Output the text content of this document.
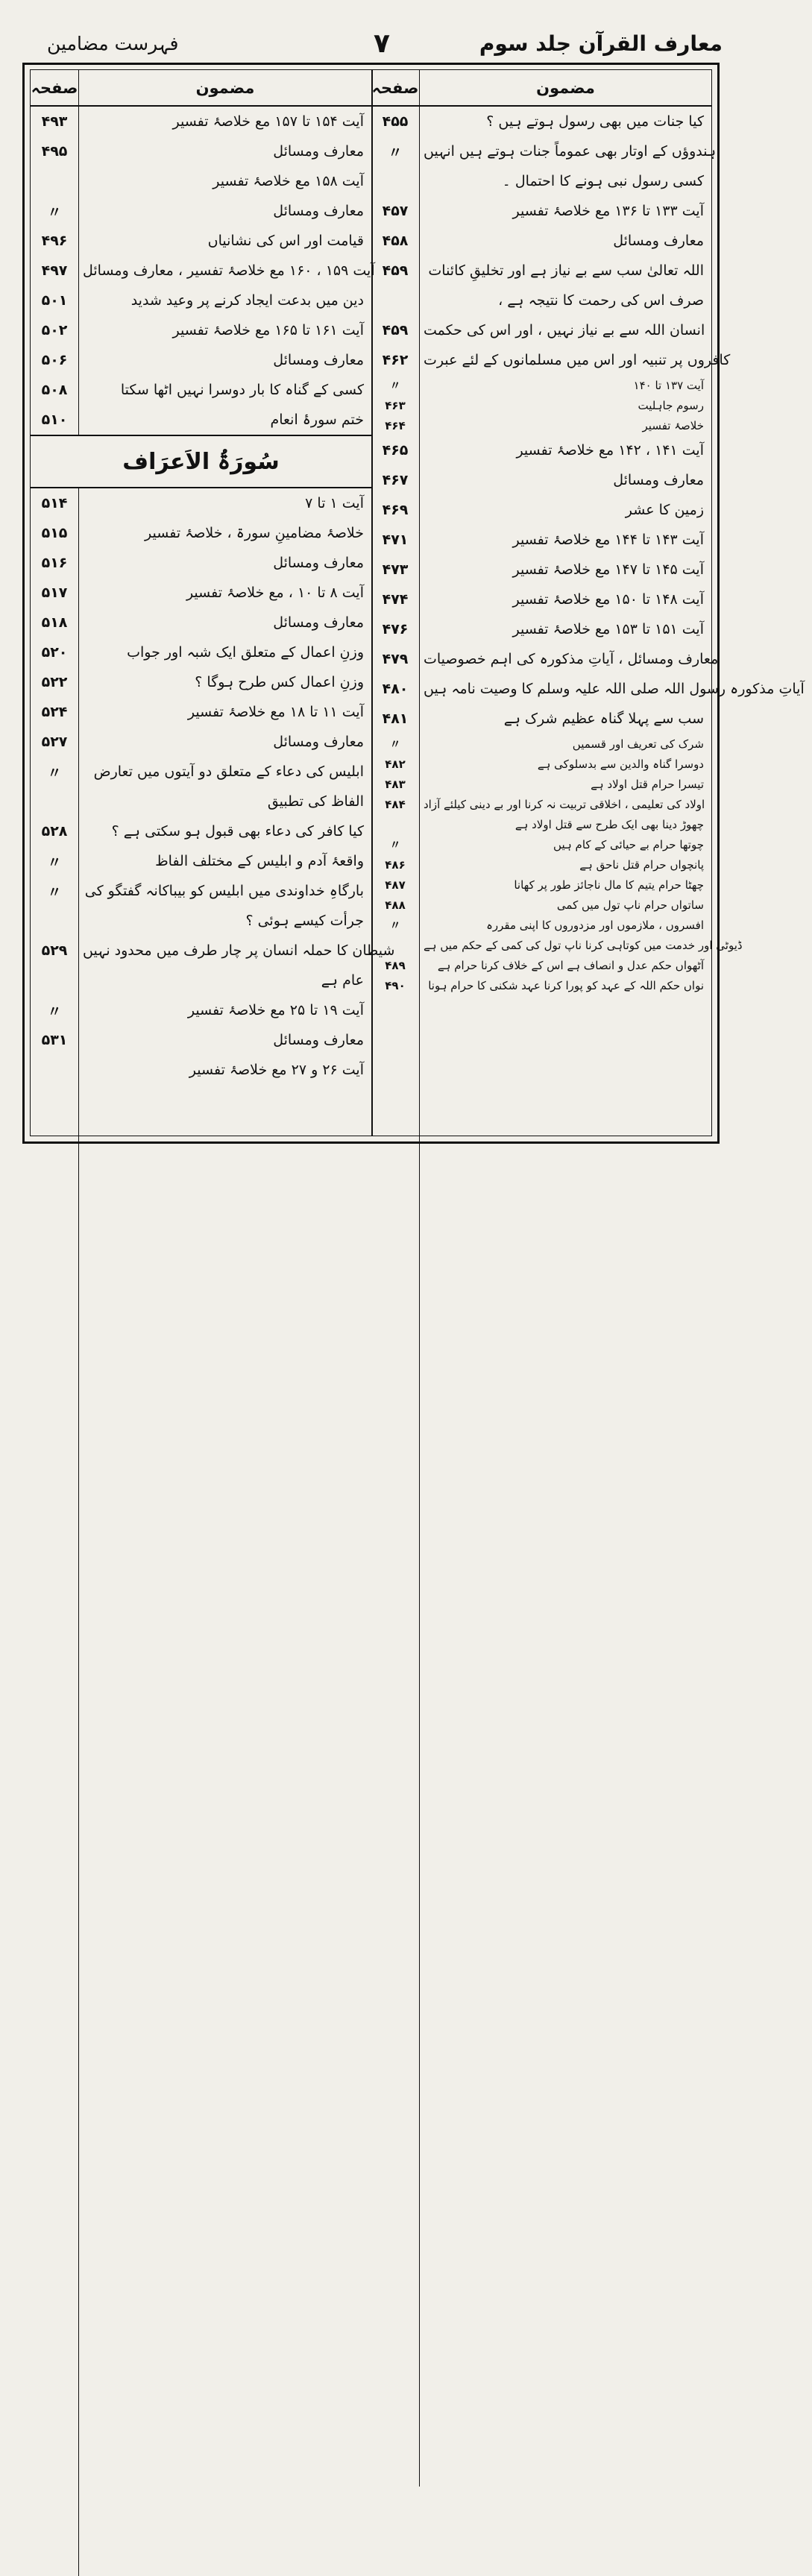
فہرست مضامین	۷	معارف القرآن جلد سوم
صفحہ	مضمون
۴۹۳	آیت ۱۵۴ تا ۱۵۷ مع خلاصۂ تفسیر
۴۹۵	معارف ومسائل
آیت ۱۵۸ مع خلاصۂ تفسیر
〃	معارف ومسائل
۴۹۶	قیامت اور اس کی نشانیاں
۴۹۷	آیت ۱۵۹ ، ۱۶۰ مع خلاصۂ تفسیر ، معارف ومسائل
۵۰۱	دین میں بدعت ایجاد کرنے پر وعید شدید
۵۰۲	آیت ۱۶۱ تا ۱۶۵ مع خلاصۂ تفسیر
۵۰۶	معارف ومسائل
۵۰۸	کسی کے گناہ کا بار دوسرا نہیں اٹھا سکتا
۵۱۰	ختم سورۂ انعام
سُورَۃُ الاَعرَاف
۵۱۴	آیت ۱ تا ۷
۵۱۵	خلاصۂ مضامینِ سورۃ ، خلاصۂ تفسیر
۵۱۶	معارف ومسائل
۵۱۷	آیت ۸ تا ۱۰ ، مع خلاصۂ تفسیر
۵۱۸	معارف ومسائل
۵۲۰	وزنِ اعمال کے متعلق ایک شبہ اور جواب
۵۲۲	وزنِ اعمال کس طرح ہوگا ؟
۵۲۴	آیت ۱۱ تا ۱۸ مع خلاصۂ تفسیر
۵۲۷	معارف ومسائل
〃	ابلیس کی دعاء کے متعلق دو آیتوں میں تعارض
الفاظ کی تطبیق
۵۲۸	کیا کافر کی دعاء بھی قبول ہو سکتی ہے ؟
〃	واقعۂ آدم و ابلیس کے مختلف الفاظ
〃	بارگاہِ خداوندی میں ابلیس کو بیباکانہ گفتگو کی
جرأت کیسے ہوئی ؟
۵۲۹	شیطان کا حملہ انسان پر چار طرف میں محدود نہیں
عام ہے
〃	آیت ۱۹ تا ۲۵ مع خلاصۂ تفسیر
۵۳۱	معارف ومسائل
آیت ۲۶ و ۲۷ مع خلاصۂ تفسیر
صفحہ	مضمون
۴۵۵	کیا جنات میں بھی رسول ہوتے ہیں ؟
〃	ہندوؤں کے اوتار بھی عموماً جنات ہوتے ہیں انہیں
کسی رسول نبی ہونے کا احتمال ۔
۴۵۷	آیت ۱۳۳ تا ۱۳۶ مع خلاصۂ تفسیر
۴۵۸	معارف ومسائل
۴۵۹	اللہ تعالیٰ سب سے بے نیاز ہے اور تخلیقِ کائنات
صرف اس کی رحمت کا نتیجہ ہے ،
۴۵۹	انسان اللہ سے بے نیاز نہیں ، اور اس کی حکمت
۴۶۲	کافروں پر تنبیہ اور اس میں مسلمانوں کے لئے عبرت
〃	آیت ۱۳۷ تا ۱۴۰
۴۶۳	رسوم جاہلیت
۴۶۴	خلاصۂ تفسیر
۴۶۵	آیت ۱۴۱ ، ۱۴۲ مع خلاصۂ تفسیر
۴۶۷	معارف ومسائل
۴۶۹	زمین کا عشر
۴۷۱	آیت ۱۴۳ تا ۱۴۴ مع خلاصۂ تفسیر
۴۷۳	آیت ۱۴۵ تا ۱۴۷ مع خلاصۂ تفسیر
۴۷۴	آیت ۱۴۸ تا ۱۵۰ مع خلاصۂ تفسیر
۴۷۶	آیت ۱۵۱ تا ۱۵۳ مع خلاصۂ تفسیر
۴۷۹	معارف ومسائل ، آیاتِ مذکورہ کی اہم خصوصیات
۴۸۰	آیاتِ مذکورہ رسول اللہ صلی اللہ علیہ وسلم کا وصیت نامہ ہیں
۴۸۱	سب سے پہلا گناہ عظیم شرک ہے
〃	شرک کی تعریف اور قسمیں
۴۸۲	دوسرا گناہ والدین سے بدسلوکی ہے
۴۸۳	تیسرا حرام قتل اولاد ہے
۴۸۴	اولاد کی تعلیمی ، اخلاقی تربیت نہ کرنا اور بے دینی کیلئے آزاد
چھوڑ دینا بھی ایک طرح سے قتل اولاد ہے
〃	چوتھا حرام بے حیائی کے کام ہیں
۴۸۶	پانچواں حرام قتل ناحق ہے
۴۸۷	چھٹا حرام یتیم کا مال ناجائز طور پر کھانا
۴۸۸	ساتواں حرام ناپ تول میں کمی
〃	افسروں ، ملازموں اور مزدوروں کا اپنی مقررہ
ڈیوٹی اور خدمت میں کوتاہی کرنا ناپ تول کی کمی کے حکم میں ہے
۴۸۹	آٹھواں حکم عدل و انصاف ہے اس کے خلاف کرنا حرام ہے
۴۹۰	نواں حکم اللہ کے عہد کو پورا کرنا عہد شکنی کا حرام ہونا
